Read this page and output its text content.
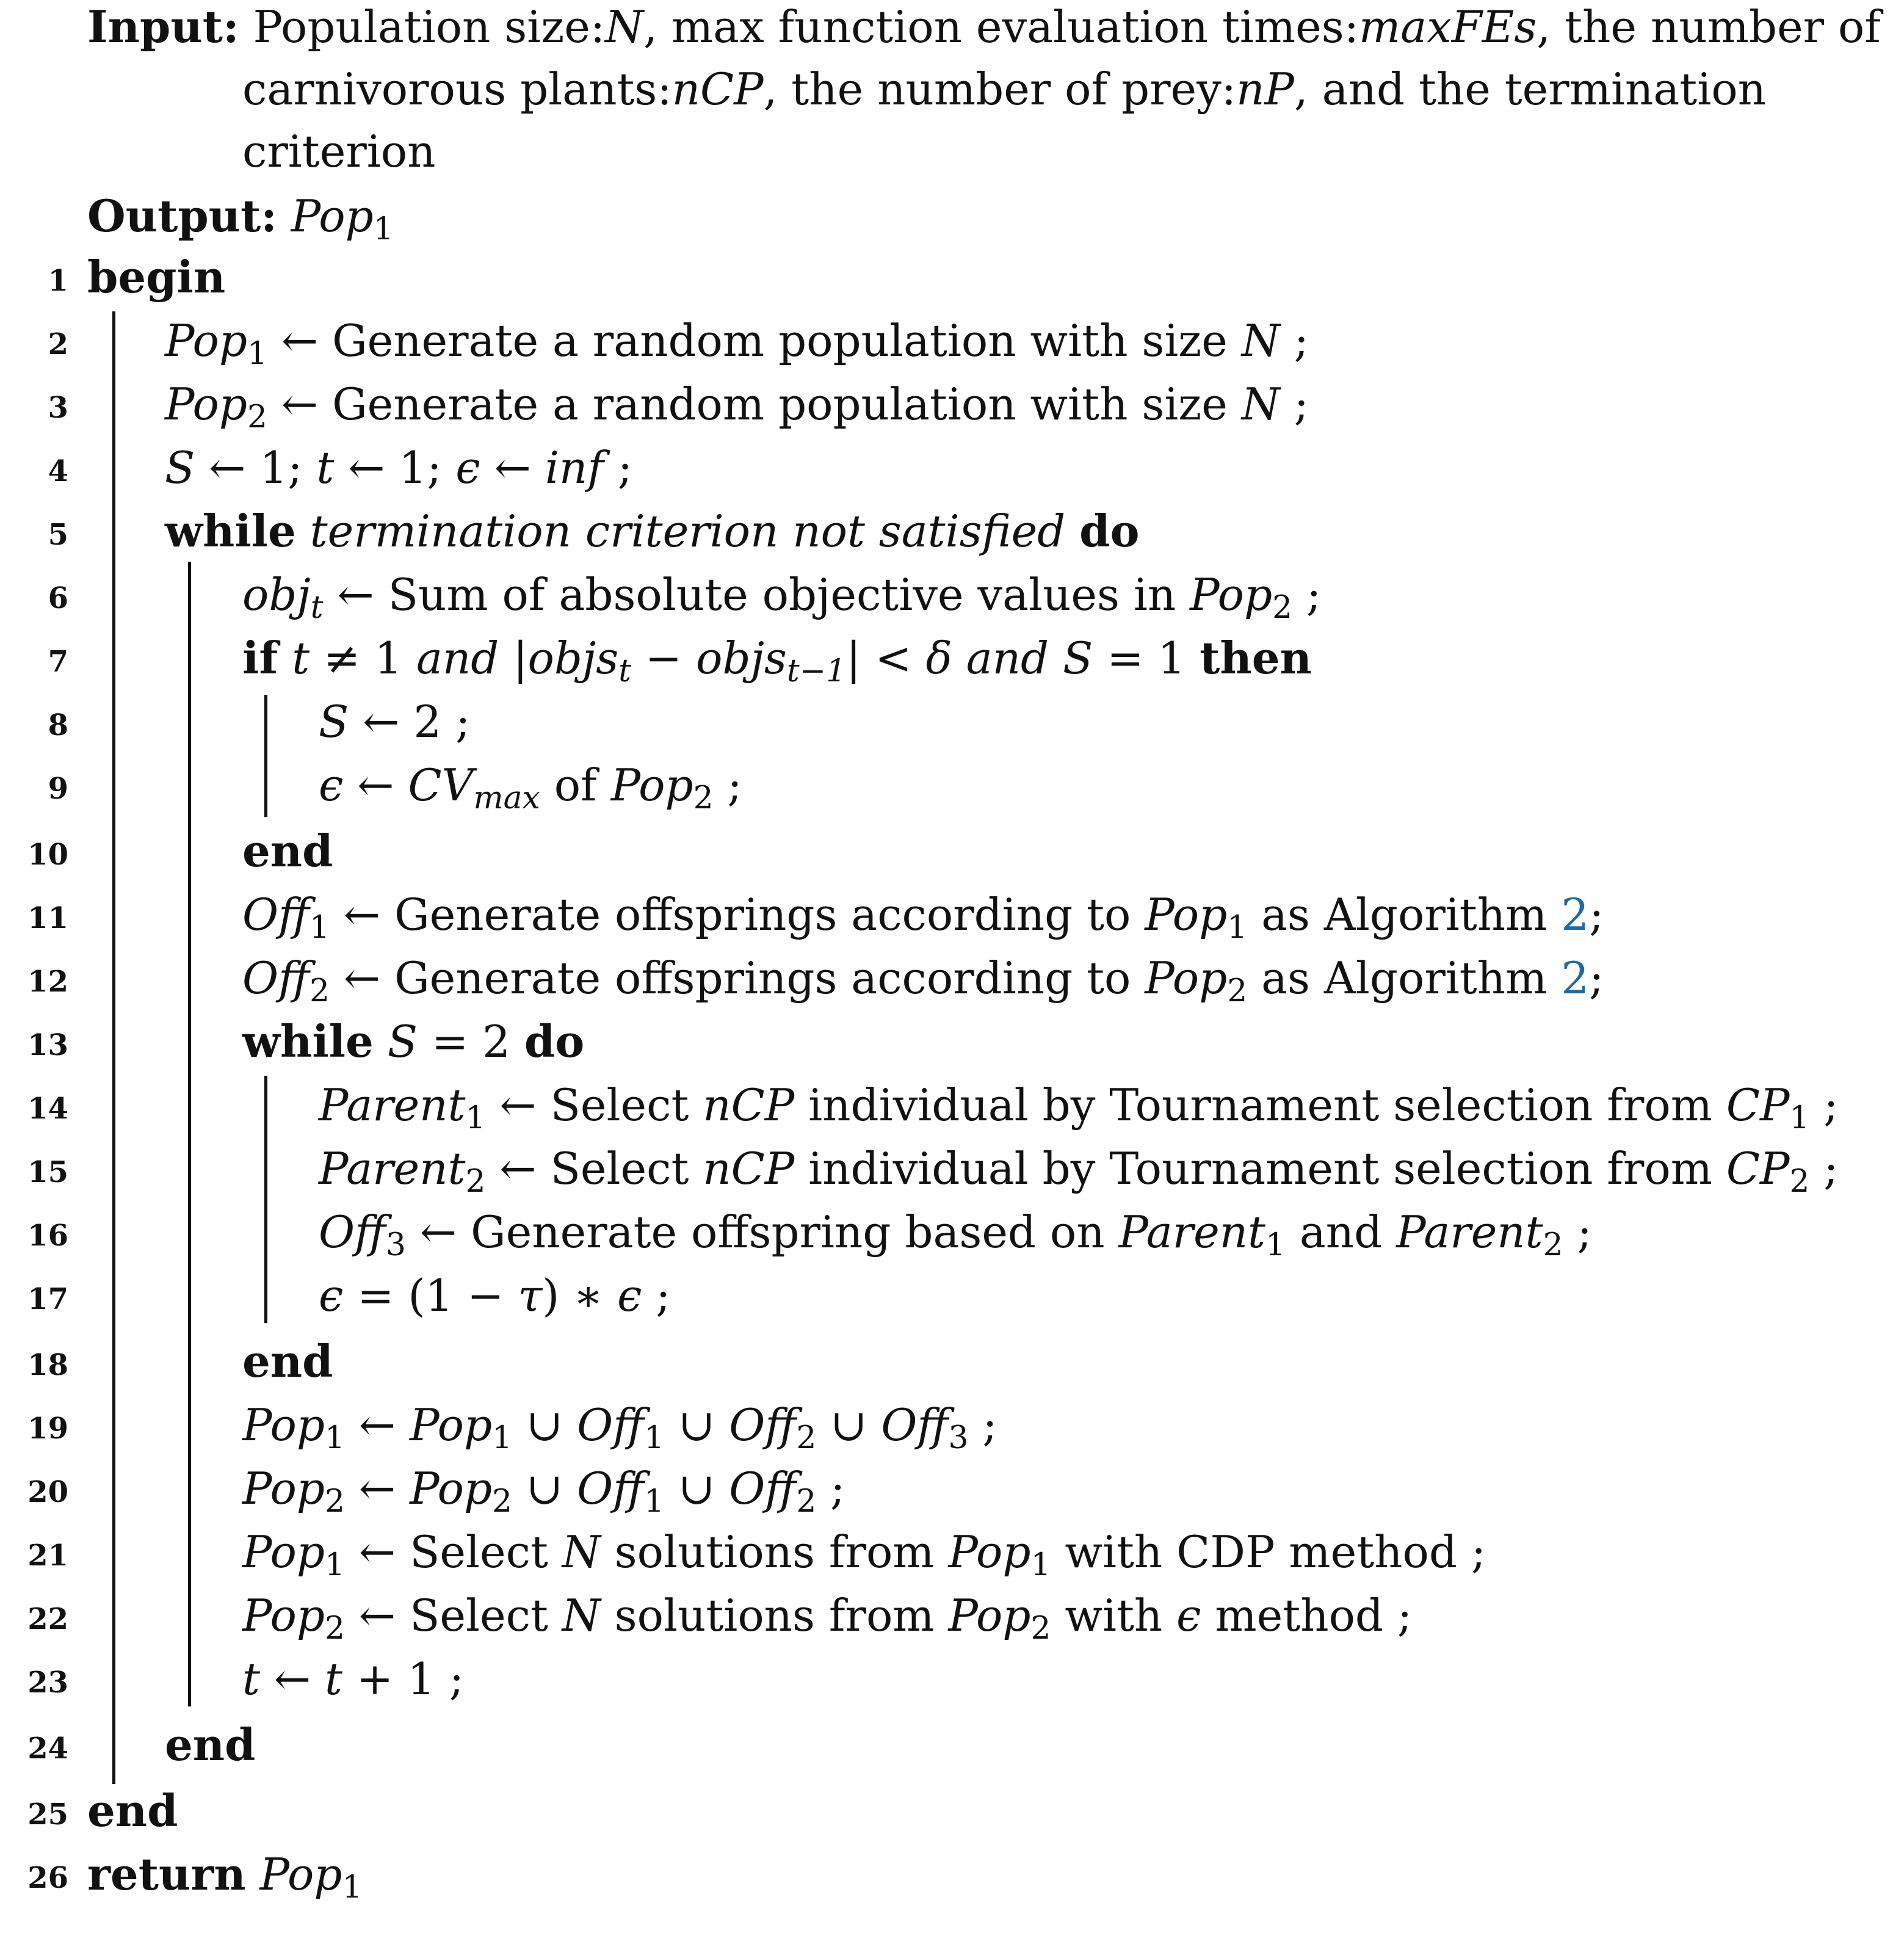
Input: Population size:N, max function evaluation times:maxFEs, the number of
carnivorous plants:nCP, the number of prey:nP, and the termination
criterion
Output: Pop$_1$
1
2
3
4
5
6
7
8
9
10
11
12
13
14
15
16
17
18
19
20
21
22
23
24
25
26
begin
Pop$_1$ ← Generate a random population with size N ;
Pop$_2$ ← Generate a random population with size N ;
S ← 1; t ← 1; ϵ ← inf ;
while termination criterion not satisfied do
obj$_t$ ← Sum of absolute objective values in Pop$_2$ ;
if t ≠ 1 and |objs$_t$ − objs$_{t-1}$| < δ and S = 1 then
S ← 2 ;
ϵ ← $CV_{max}$ of Pop$_2$ ;
end
Off$_1$ ← Generate offsprings according to Pop$_1$ as Algorithm 2;
Off$_2$ ← Generate offsprings according to Pop$_2$ as Algorithm 2;
while S = 2 do
Parent$_1$ ← Select nCP individual by Tournament selection from $CP_1$ ;
Parent$_2$ ← Select nCP individual by Tournament selection from $CP_2$ ;
Off$_3$ ← Generate offspring based on Parent$_1$ and Parent$_2$ ;
ϵ = (1 − τ) ∗ ϵ ;
end
Pop$_1$ ← Pop$_1$ ∪ Off$_1$ ∪ Off$_2$ ∪ Off$_3$ ;
Pop$_2$ ← Pop$_2$ ∪ Off$_1$ ∪ Off$_2$ ;
Pop$_1$ ← Select N solutions from Pop$_1$ with CDP method ;
Pop$_2$ ← Select N solutions from Pop$_2$ with ϵ method ;
t ← t + 1 ;
end
end
return Pop$_1$
